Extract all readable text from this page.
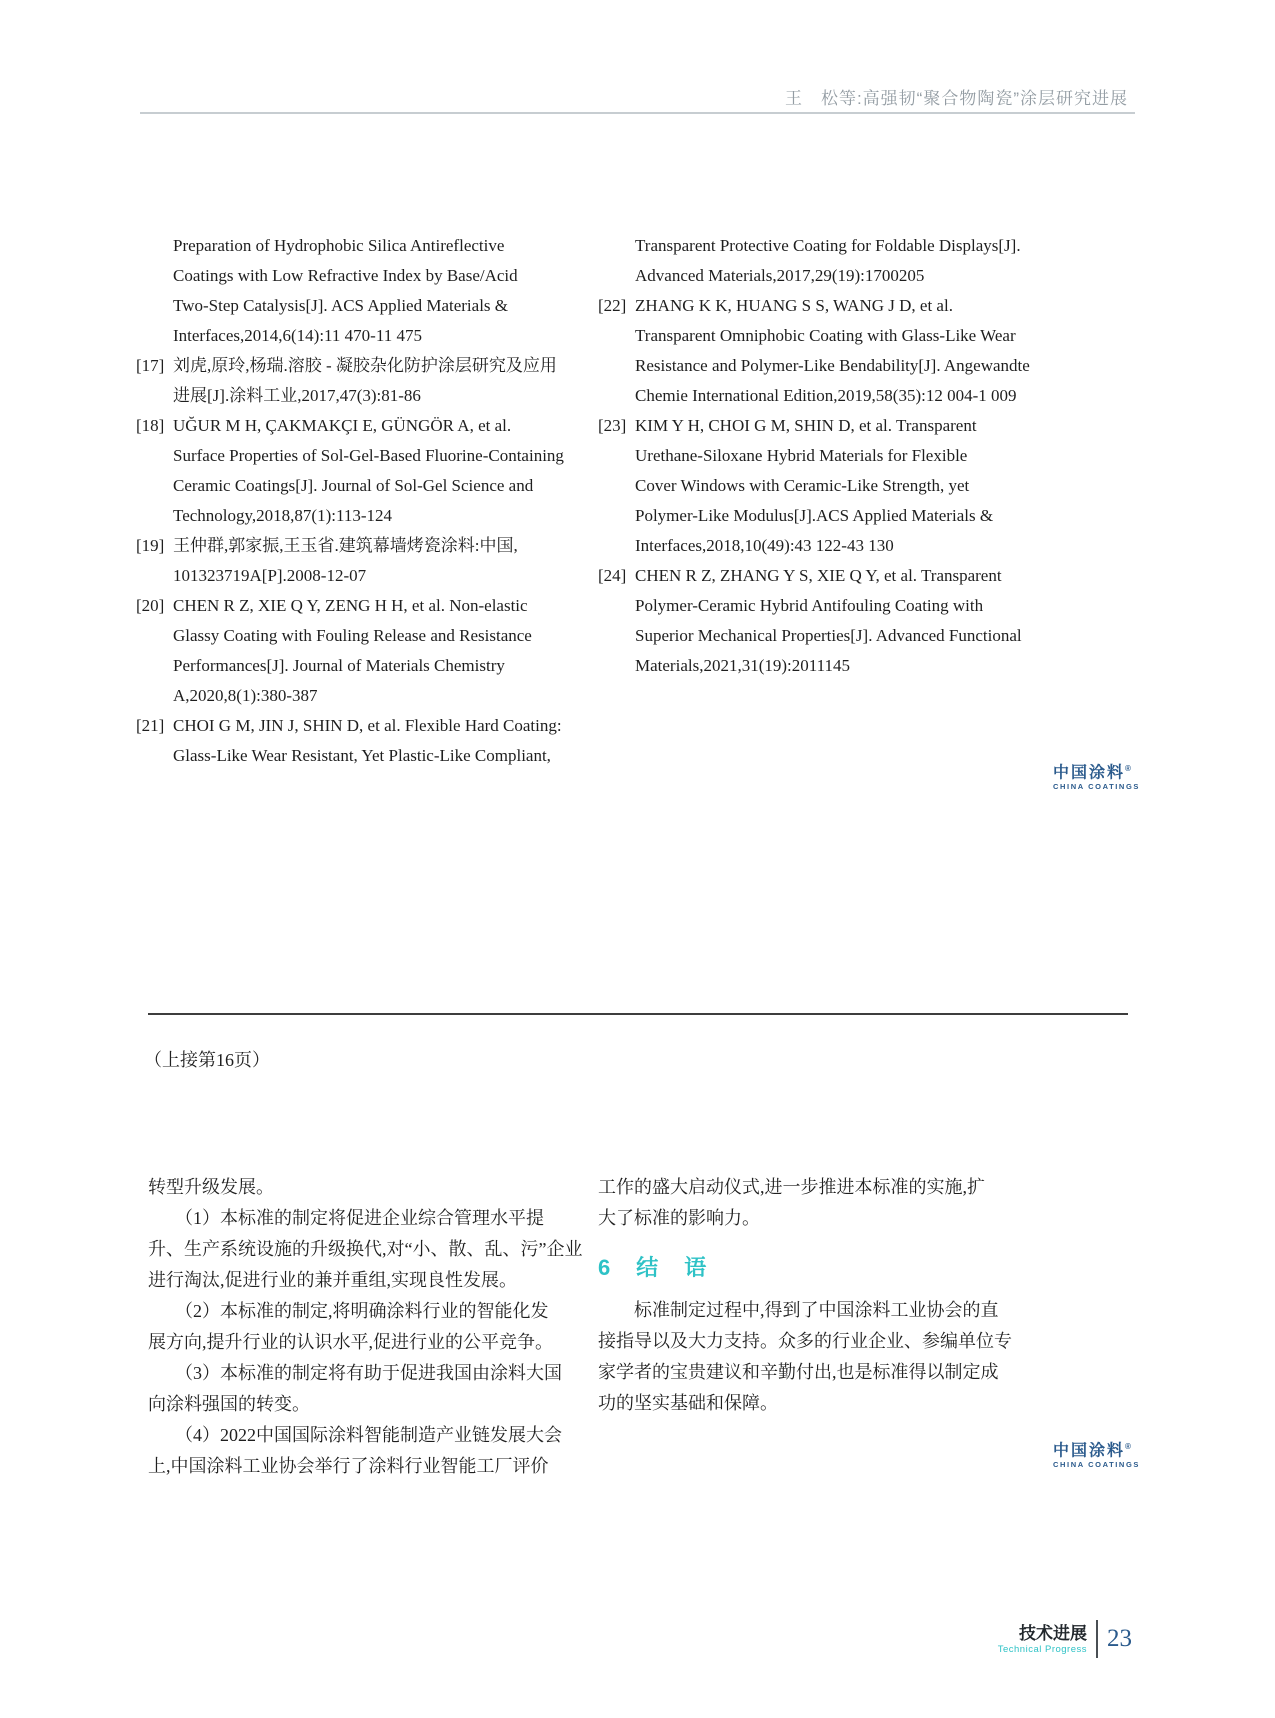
王　松等:高强韧“聚合物陶瓷”涂层研究进展
Preparation of Hydrophobic Silica Antireflective
Coatings with Low Refractive Index by Base/Acid
Two-Step Catalysis[J]. ACS Applied Materials &
Interfaces,2014,6(14):11 470-11 475
[17] 刘虎,原玲,杨瑞.溶胶 - 凝胶杂化防护涂层研究及应用
进展[J].涂料工业,2017,47(3):81-86
[18] UĞUR M H, ÇAKMAKÇI E, GÜNGÖR A, et al.
Surface Properties of Sol-Gel-Based Fluorine-Containing
Ceramic Coatings[J]. Journal of Sol-Gel Science and
Technology,2018,87(1):113-124
[19] 王仲群,郭家振,王玉省.建筑幕墙烤瓷涂料:中国,
101323719A[P].2008-12-07
[20] CHEN R Z, XIE Q Y, ZENG H H, et al. Non-elastic
Glassy Coating with Fouling Release and Resistance
Performances[J]. Journal of Materials Chemistry
A,2020,8(1):380-387
[21] CHOI G M, JIN J, SHIN D, et al. Flexible Hard Coating:
Glass-Like Wear Resistant, Yet Plastic-Like Compliant,
Transparent Protective Coating for Foldable Displays[J].
Advanced Materials,2017,29(19):1700205
[22] ZHANG K K, HUANG S S, WANG J D, et al.
Transparent Omniphobic Coating with Glass-Like Wear
Resistance and Polymer-Like Bendability[J]. Angewandte
Chemie International Edition,2019,58(35):12 004-1 009
[23] KIM Y H, CHOI G M, SHIN D, et al. Transparent
Urethane-Siloxane Hybrid Materials for Flexible
Cover Windows with Ceramic-Like Strength, yet
Polymer-Like Modulus[J].ACS Applied Materials &
Interfaces,2018,10(49):43 122-43 130
[24] CHEN R Z, ZHANG Y S, XIE Q Y, et al. Transparent
Polymer-Ceramic Hybrid Antifouling Coating with
Superior Mechanical Properties[J]. Advanced Functional
Materials,2021,31(19):2011145
中国涂料®
CHINA COATINGS
（上接第16页）
转型升级发展。
　　（1）本标准的制定将促进企业综合管理水平提
升、生产系统设施的升级换代,对“小、散、乱、污”企业
进行淘汰,促进行业的兼并重组,实现良性发展。
　　（2）本标准的制定,将明确涂料行业的智能化发
展方向,提升行业的认识水平,促进行业的公平竞争。
　　（3）本标准的制定将有助于促进我国由涂料大国
向涂料强国的转变。
　　（4）2022中国国际涂料智能制造产业链发展大会
上,中国涂料工业协会举行了涂料行业智能工厂评价
工作的盛大启动仪式,进一步推进本标准的实施,扩
大了标准的影响力。
6 结　语
　　标准制定过程中,得到了中国涂料工业协会的直
接指导以及大力支持。众多的行业企业、参编单位专
家学者的宝贵建议和辛勤付出,也是标准得以制定成
功的坚实基础和保障。
中国涂料®
CHINA COATINGS
技术进展
Technical Progress 23
